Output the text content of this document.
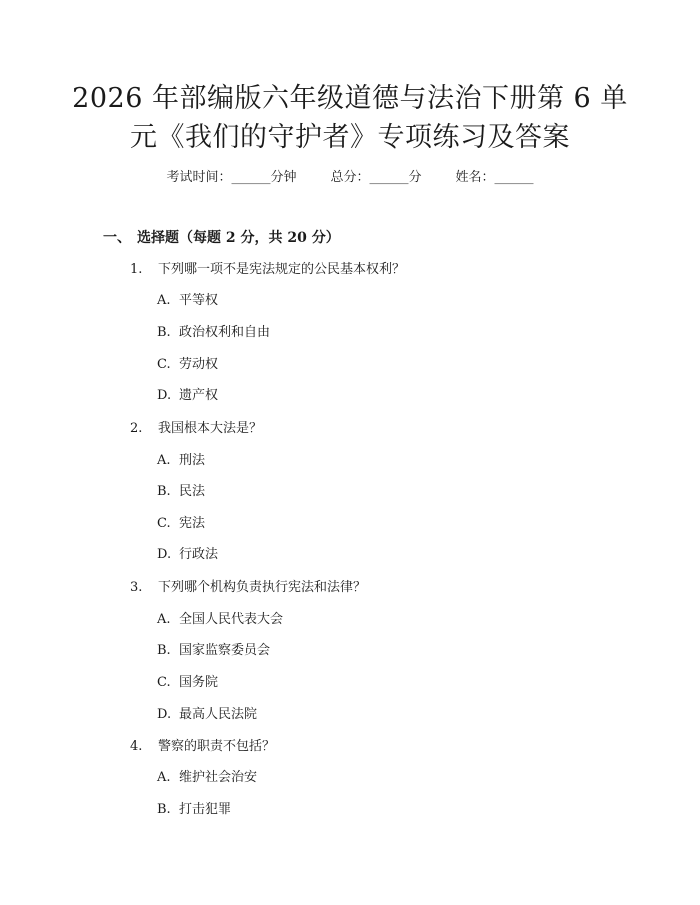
2026 年部编版六年级道德与法治下册第 6 单
元《我们的守护者》专项练习及答案
考试时间：______分钟	总分：______分	姓名：______
一、 选择题（每题 2 分，共 20 分）
1. 下列哪一项不是宪法规定的公民基本权利？
A. 平等权
B. 政治权利和自由
C. 劳动权
D. 遗产权
2. 我国根本大法是？
A. 刑法
B. 民法
C. 宪法
D. 行政法
3. 下列哪个机构负责执行宪法和法律？
A. 全国人民代表大会
B. 国家监察委员会
C. 国务院
D. 最高人民法院
4. 警察的职责不包括？
A. 维护社会治安
B. 打击犯罪
